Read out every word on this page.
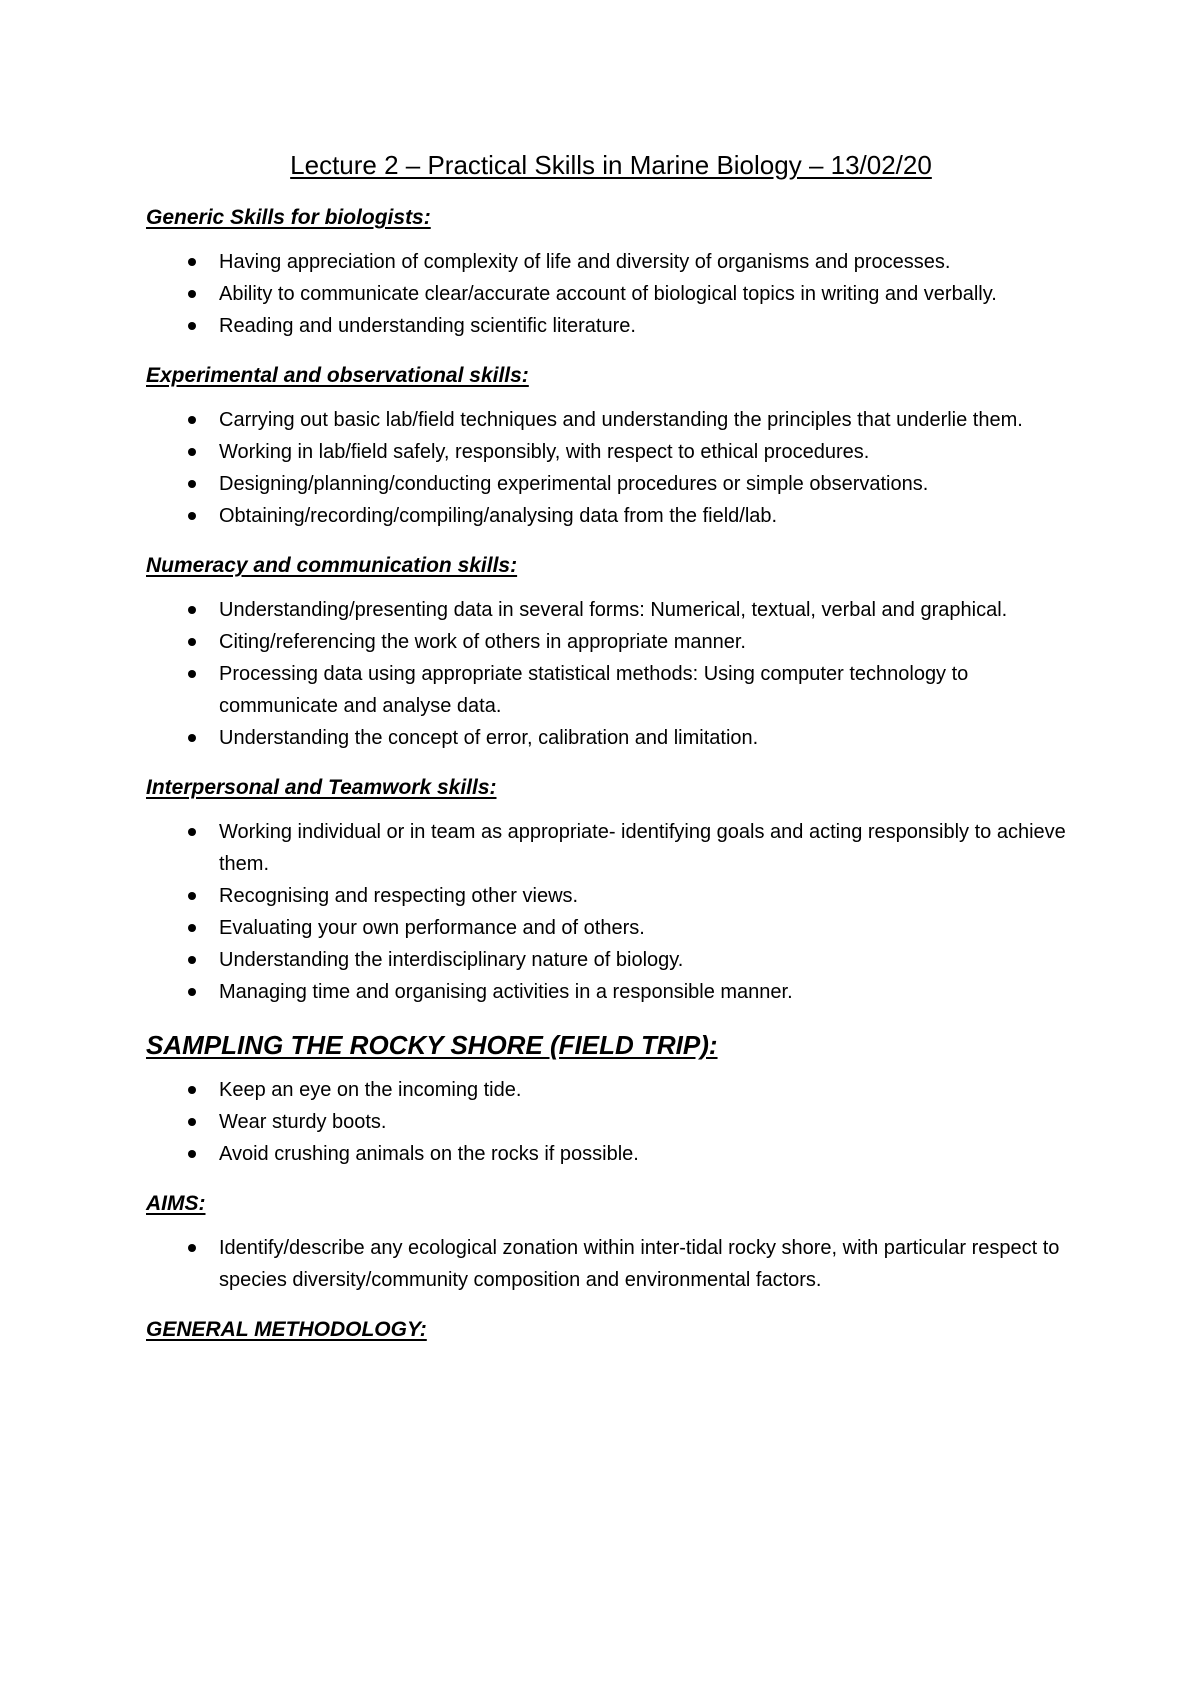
Lecture 2 – Practical Skills in Marine Biology – 13/02/20
Generic Skills for biologists:
Having appreciation of complexity of life and diversity of organisms and processes.
Ability to communicate clear/accurate account of biological topics in writing and verbally.
Reading and understanding scientific literature.
Experimental and observational skills:
Carrying out basic lab/field techniques and understanding the principles that underlie them.
Working in lab/field safely, responsibly, with respect to ethical procedures.
Designing/planning/conducting experimental procedures or simple observations.
Obtaining/recording/compiling/analysing data from the field/lab.
Numeracy and communication skills:
Understanding/presenting data in several forms: Numerical, textual, verbal and graphical.
Citing/referencing the work of others in appropriate manner.
Processing data using appropriate statistical methods: Using computer technology to communicate and analyse data.
Understanding the concept of error, calibration and limitation.
Interpersonal and Teamwork skills:
Working individual or in team as appropriate- identifying goals and acting responsibly to achieve them.
Recognising and respecting other views.
Evaluating your own performance and of others.
Understanding the interdisciplinary nature of biology.
Managing time and organising activities in a responsible manner.
SAMPLING THE ROCKY SHORE (FIELD TRIP):
Keep an eye on the incoming tide.
Wear sturdy boots.
Avoid crushing animals on the rocks if possible.
AIMS:
Identify/describe any ecological zonation within inter-tidal rocky shore, with particular respect to species diversity/community composition and environmental factors.
GENERAL METHODOLOGY:
